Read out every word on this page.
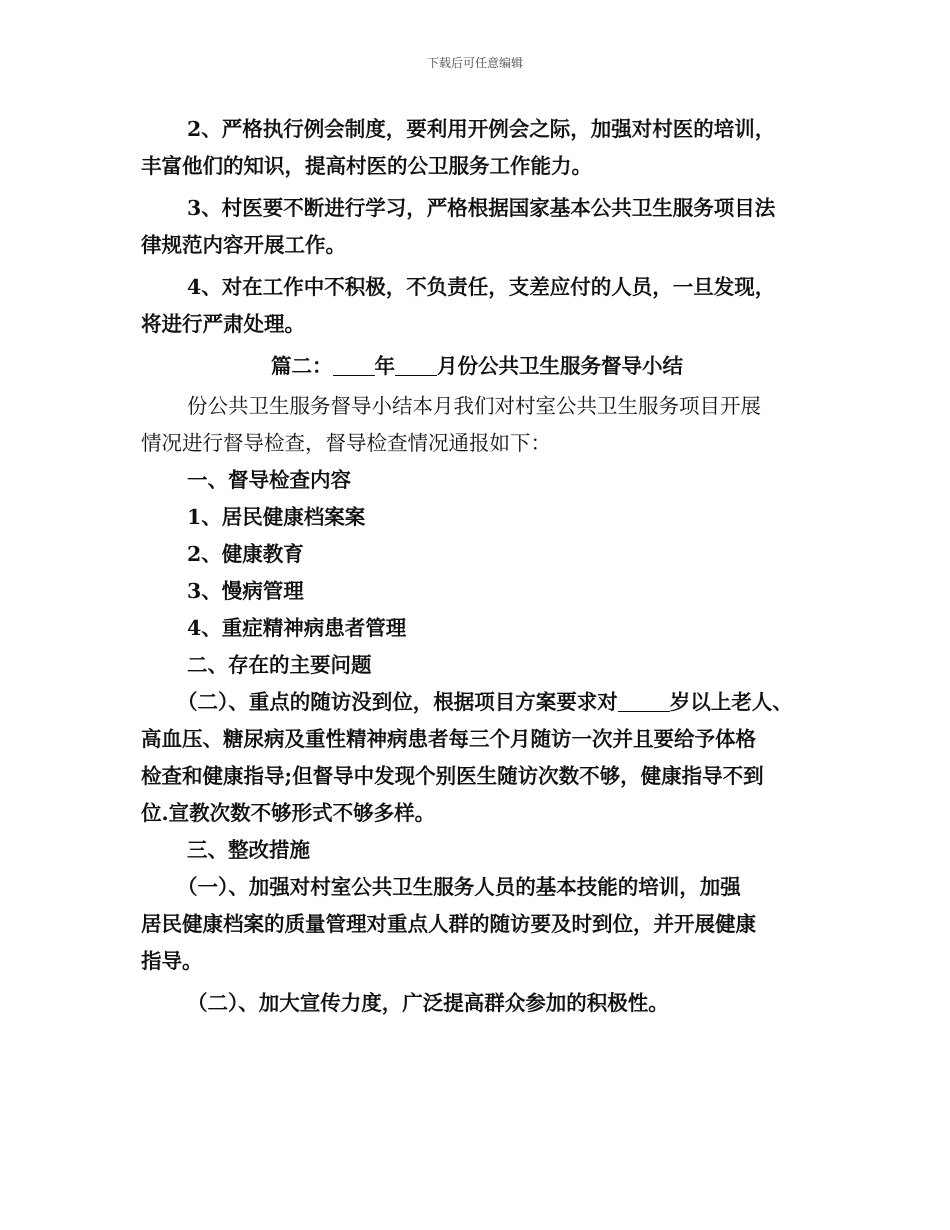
下载后可任意编辑

2、严格执行例会制度，要利用开例会之际，加强对村医的培训，

丰富他们的知识，提高村医的公卫服务工作能力。

3、村医要不断进行学习，严格根据国家基本公共卫生服务项目法

律规范内容开展工作。

4、对在工作中不积极，不负责任，支差应付的人员，一旦发现，

将进行严肃处理。

篇二： 年 月份公共卫生服务督导小结

份公共卫生服务督导小结本月我们对村室公共卫生服务项目开展

情况进行督导检查，督导检查情况通报如下：

一、督导检查内容

1、居民健康档案案

2、健康教育

3、慢病管理

4、重症精神病患者管理

二、存在的主要问题

（二）、重点的随访没到位，根据项目方案要求对	岁以上老人、

高血压、糖尿病及重性精神病患者每三个月随访一次并且要给予体格

检查和健康指导;但督导中发现个别医生随访次数不够，健康指导不到

位.宣教次数不够形式不够多样。

三、整改措施

（一）、加强对村室公共卫生服务人员的基本技能的培训，加强

居民健康档案的质量管理对重点人群的随访要及时到位，并开展健康

指导。

（二）、加大宣传力度，广泛提高群众参加的积极性。
